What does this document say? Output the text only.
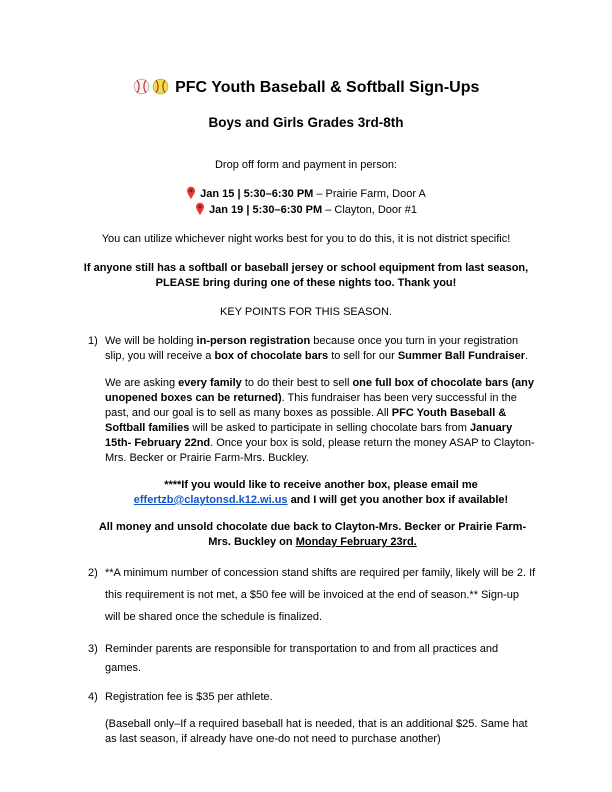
PFC Youth Baseball & Softball Sign-Ups
Boys and Girls Grades 3rd-8th

Drop off form and payment in person:

Jan 15 | 5:30–6:30 PM – Prairie Farm, Door A
Jan 19 | 5:30–6:30 PM – Clayton, Door #1

You can utilize whichever night works best for you to do this, it is not district specific!

If anyone still has a softball or baseball jersey or school equipment from last season, PLEASE bring during one of these nights too. Thank you!

KEY POINTS FOR THIS SEASON.

1) We will be holding in-person registration because once you turn in your registration slip, you will receive a box of chocolate bars to sell for our Summer Ball Fundraiser.

We are asking every family to do their best to sell one full box of chocolate bars (any unopened boxes can be returned). This fundraiser has been very successful in the past, and our goal is to sell as many boxes as possible. All PFC Youth Baseball & Softball families will be asked to participate in selling chocolate bars from January 15th- February 22nd. Once your box is sold, please return the money ASAP to Clayton-Mrs. Becker or Prairie Farm-Mrs. Buckley.

****If you would like to receive another box, please email me effertzb@claytonsd.k12.wi.us and I will get you another box if available!

All money and unsold chocolate due back to Clayton-Mrs. Becker or Prairie Farm-Mrs. Buckley on Monday February 23rd.

2) **A minimum number of concession stand shifts are required per family, likely will be 2. If this requirement is not met, a $50 fee will be invoiced at the end of season.** Sign-up will be shared once the schedule is finalized.

3) Reminder parents are responsible for transportation to and from all practices and games.

4) Registration fee is $35 per athlete.

(Baseball only–If a required baseball hat is needed, that is an additional $25. Same hat as last season, if already have one-do not need to purchase another)
